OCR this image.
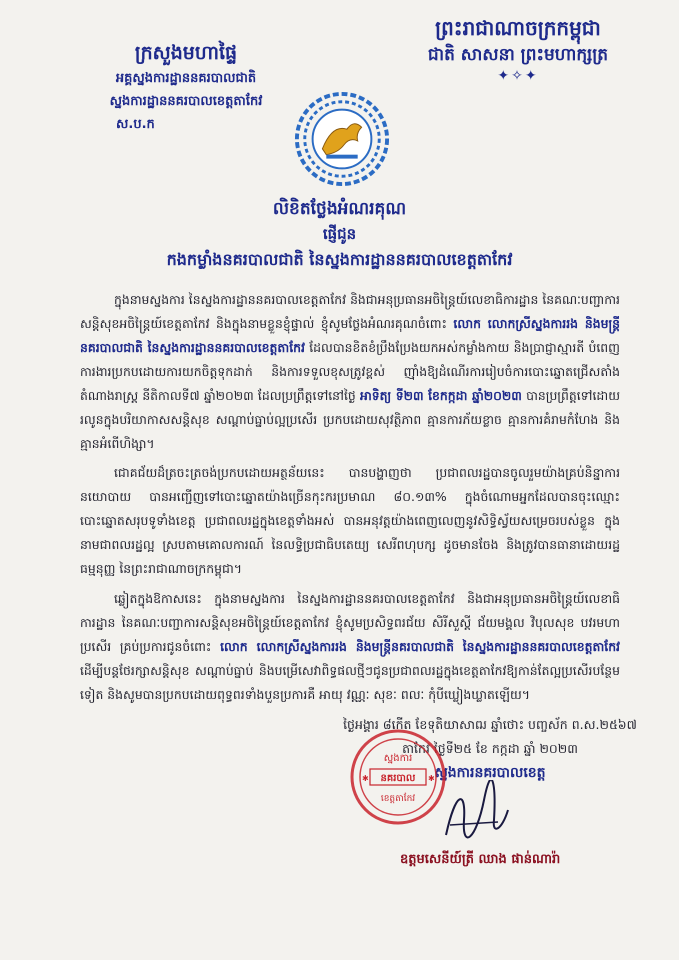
ព្រះរាជាណាចក្រកម្ពុជា
ជាតិ សាសនា ព្រះមហាក្សត្រ
✦✧✦
ក្រសួងមហាផ្ទៃ
អគ្គស្នងការដ្ឋាននគរបាលជាតិ
ស្នងការដ្ឋាននគរបាលខេត្តតាកែវ
ស.ប.ក
លិខិតថ្លែងអំណរគុណ
ផ្ញើជូន
កងកម្លាំងនគរបាលជាតិ នៃស្នងការដ្ឋាននគរបាលខេត្តតាកែវ
ក្នុងនាមស្នងការ នៃស្នងការដ្ឋាននគរបាលខេត្តតាកែវ និងជាអនុប្រធានអចិន្ត្រៃយ៍លេខាធិការដ្ឋាន នៃគណៈបញ្ជាការសន្តិសុខអចិន្ត្រៃយ៍ខេត្តតាកែវ និងក្នុងនាមខ្លួនខ្ញុំផ្ទាល់ ខ្ញុំសូមថ្លែងអំណរគុណចំពោះ លោក លោកស្រីស្នងការរង និងមន្ត្រីនគរបាលជាតិ នៃស្នងការដ្ឋាននគរបាលខេត្តតាកែវ ដែលបានខិតខំប្រឹងប្រែងយកអស់កម្លាំងកាយ និងប្រាជ្ញាស្មារតី បំពេញការងារប្រកបដោយការយកចិត្តទុកដាក់ និងការទទួលខុសត្រូវខ្ពស់ ញ៉ាំងឱ្យដំណើរការរៀបចំការបោះឆ្នោតជ្រើសតាំងតំណាងរាស្ត្រ នីតិកាលទី៧ ឆ្នាំ២០២៣ ដែលប្រព្រឹត្តទៅនៅថ្ងៃ អាទិត្យ ទី២៣ ខែកក្កដា ឆ្នាំ២០២៣ បានប្រព្រឹត្តទៅដោយរលូនក្នុងបរិយាកាសសន្តិសុខ សណ្ដាប់ធ្នាប់ល្អប្រសើរ ប្រកបដោយសុវត្ថិភាព គ្មានការភ័យខ្លាច គ្មានការគំរាមកំហែង និងគ្មានអំពើហិង្សា។
ជោគជ័យដ៏ត្រចះត្រចង់ប្រកបដោយអត្ថន័យនេះ បានបង្ហាញថា ប្រជាពលរដ្ឋបានចូលរួមយ៉ាងគ្រប់និន្នាការនយោបាយ បានអញ្ជើញទៅបោះឆ្នោតយ៉ាងច្រើនកុះករប្រមាណ ៨០.១៣% ក្នុងចំណោមអ្នកដែលបានចុះឈ្មោះបោះឆ្នោតសរុបទូទាំងខេត្ត ប្រជាពលរដ្ឋក្នុងខេត្តទាំងអស់ បានអនុវត្តយ៉ាងពេញលេញនូវសិទ្ធិស្វ័យសម្រេចរបស់ខ្លួន ក្នុងនាមជាពលរដ្ឋល្អ ស្របតាមគោលការណ៍ នៃលទ្ធិប្រជាធិបតេយ្យ សេរីពហុបក្ស ដូចមានចែង និងត្រូវបានធានាដោយរដ្ឋធម្មនុញ្ញ នៃព្រះរាជាណាចក្រកម្ពុជា។
ឆ្លៀតក្នុងឱកាសនេះ ក្នុងនាមស្នងការ នៃស្នងការដ្ឋាននគរបាលខេត្តតាកែវ និងជាអនុប្រធានអចិន្ត្រៃយ៍លេខាធិការដ្ឋាន នៃគណៈបញ្ជាការសន្តិសុខអចិន្ត្រៃយ៍ខេត្តតាកែវ ខ្ញុំសូមប្រសិទ្ធពរជ័យ សិរីសួស្ដី ជ័យមង្គល វិបុលសុខ បវរមហាប្រសើរ គ្រប់ប្រការជូនចំពោះ លោក លោកស្រីស្នងការរង និងមន្ត្រីនគរបាលជាតិ នៃស្នងការដ្ឋាននគរបាលខេត្តតាកែវ ដើម្បីបន្តថែរក្សាសន្តិសុខ សណ្ដាប់ធ្នាប់ និងបម្រើសេវាពិទ្ធផលថ្មីៗជូនប្រជាពលរដ្ឋក្នុងខេត្តតាកែវឱ្យកាន់តែល្អប្រសើរបន្ថែមទៀត និងសូមបានប្រកបដោយពុទ្ធពរទាំងបួនប្រការគឺ អាយុ វណ្ណៈ សុខៈ ពលៈ កុំបីឃ្លៀងឃ្លាតឡើយ។
ថ្ងៃអង្គារ ៨កើត ខែទុតិយាសាឍ ឆ្នាំថោះ បញ្ចស័ក ព.ស.២៥៦៧
តាកែវ ថ្ងៃទី២៥ ខែ កក្កដា ឆ្នាំ ២០២៣
ស្នងការនគរបាលខេត្ត
ស្នងការ
នគរបាល
ខេត្តតាកែវ
✱	✱
ឧត្តមសេនីយ៍ត្រី ឈាង ផាន់ណារ៉ា
